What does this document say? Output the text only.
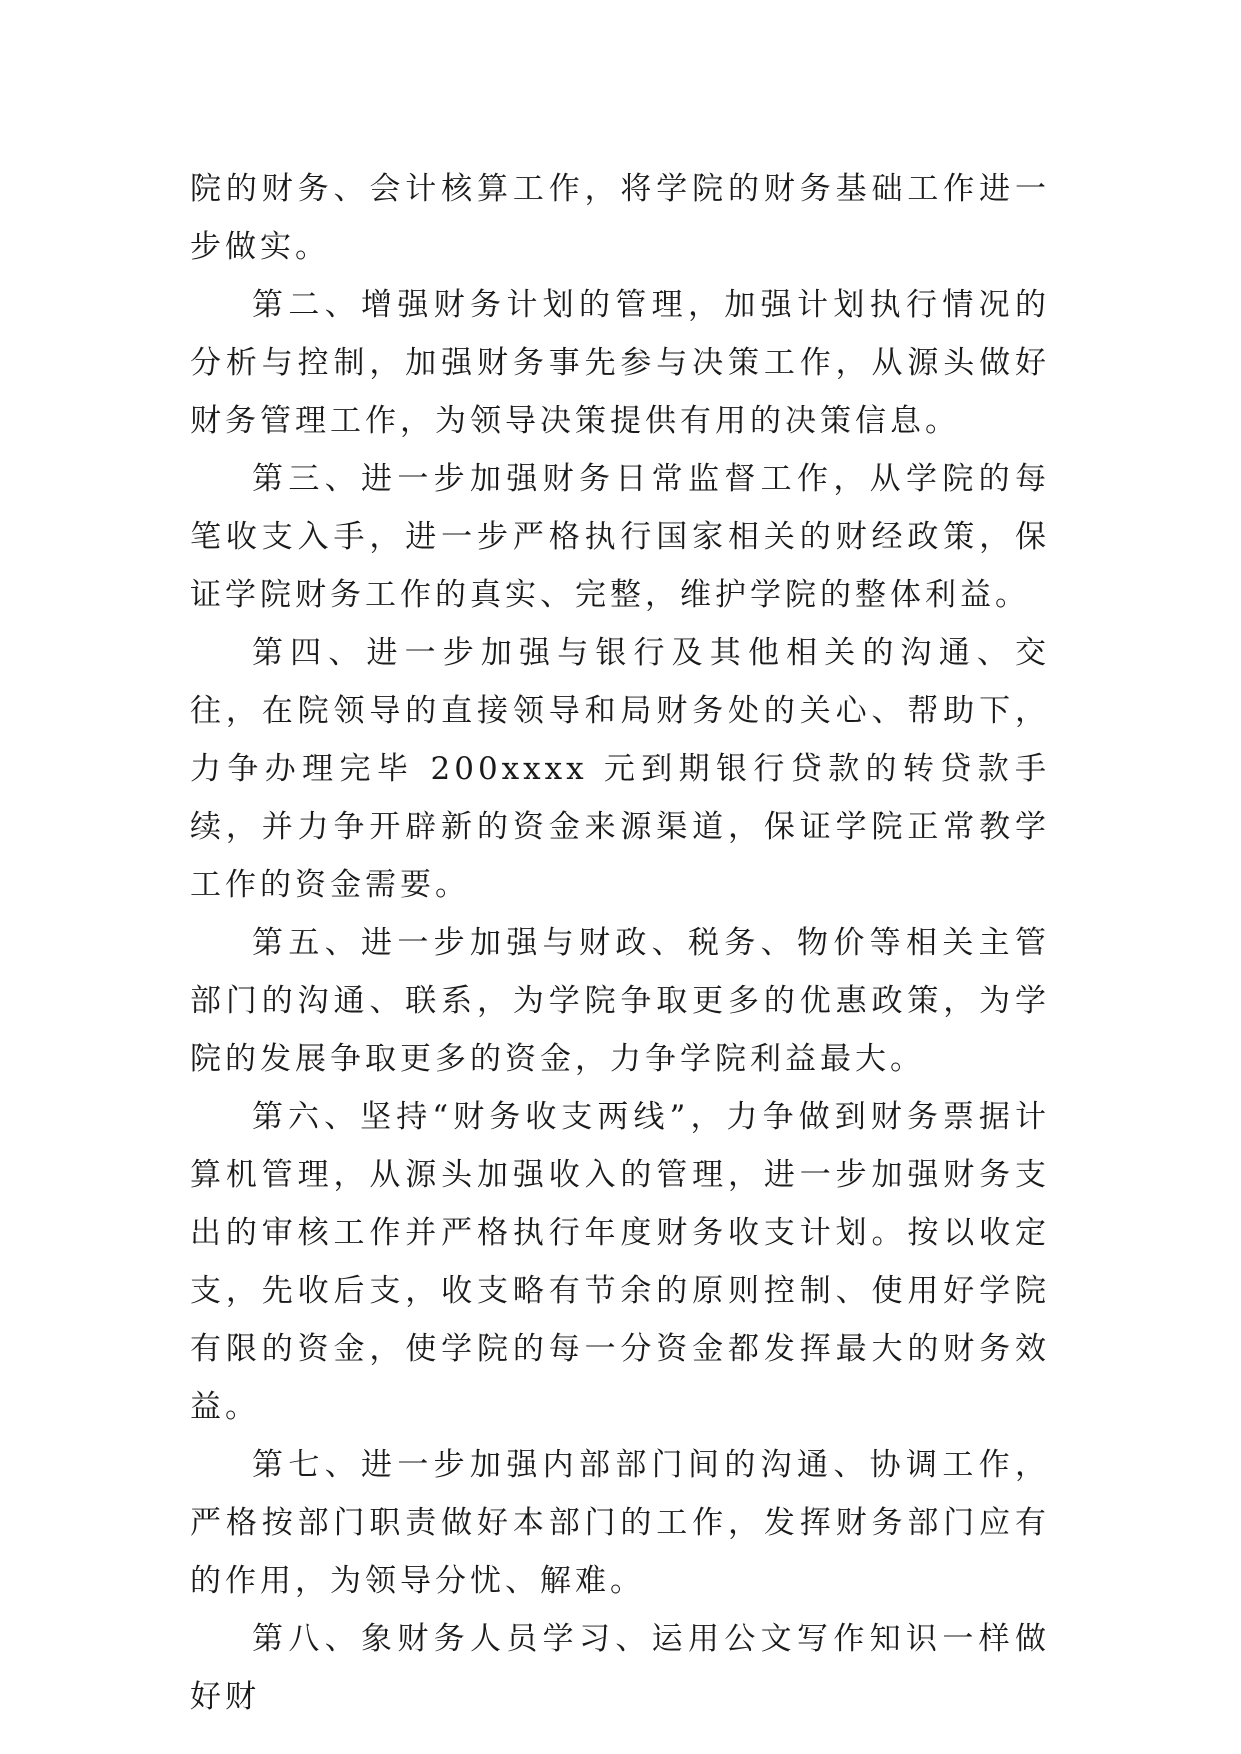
院的财务、会计核算工作，将学院的财务基础工作进一步做实。

第二、增强财务计划的管理，加强计划执行情况的分析与控制，加强财务事先参与决策工作，从源头做好财务管理工作，为领导决策提供有用的决策信息。

第三、进一步加强财务日常监督工作，从学院的每笔收支入手，进一步严格执行国家相关的财经政策，保证学院财务工作的真实、完整，维护学院的整体利益。

第四、进一步加强与银行及其他相关的沟通、交往，在院领导的直接领导和局财务处的关心、帮助下，力争办理完毕 200xxxx 元到期银行贷款的转贷款手续，并力争开辟新的资金来源渠道，保证学院正常教学工作的资金需要。

第五、进一步加强与财政、税务、物价等相关主管部门的沟通、联系，为学院争取更多的优惠政策，为学院的发展争取更多的资金，力争学院利益最大。

第六、坚持“财务收支两线”，力争做到财务票据计算机管理，从源头加强收入的管理，进一步加强财务支出的审核工作并严格执行年度财务收支计划。按以收定支，先收后支，收支略有节余的原则控制、使用好学院有限的资金，使学院的每一分资金都发挥最大的财务效益。

第七、进一步加强内部部门间的沟通、协调工作，严格按部门职责做好本部门的工作，发挥财务部门应有的作用，为领导分忧、解难。

第八、象财务人员学习、运用公文写作知识一样做好财
